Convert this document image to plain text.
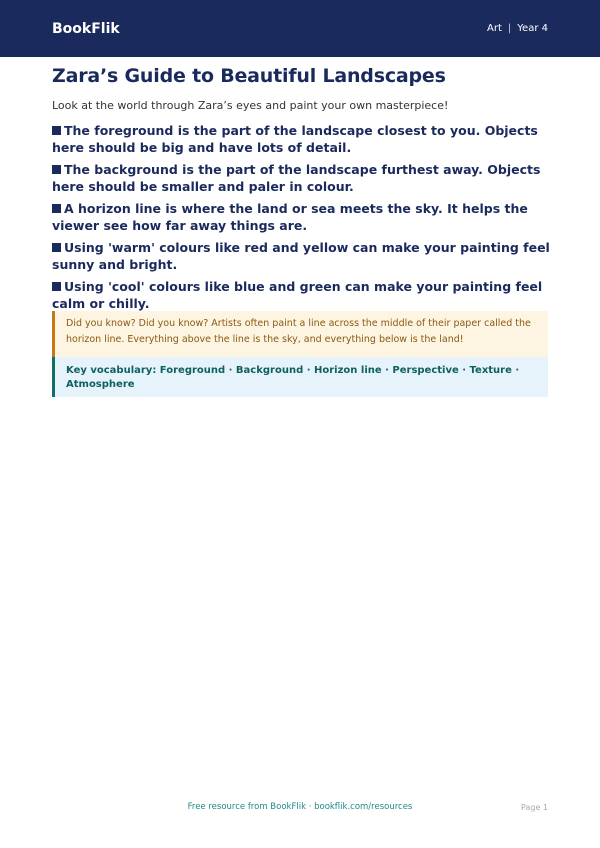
BookFlik	Art | Year 4
Zara’s Guide to Beautiful Landscapes

Look at the world through Zara’s eyes and paint your own masterpiece!

The foreground is the part of the landscape closest to you. Objects here should be big and have lots of detail.
The background is the part of the landscape furthest away. Objects here should be smaller and paler in colour.
A horizon line is where the land or sea meets the sky. It helps the viewer see how far away things are.
Using 'warm' colours like red and yellow can make your painting feel sunny and bright.
Using 'cool' colours like blue and green can make your painting feel calm or chilly.
Did you know? Did you know? Artists often paint a line across the middle of their paper called the horizon line. Everything above the line is the sky, and everything below is the land!
Key vocabulary: Foreground · Background · Horizon line · Perspective · Texture · Atmosphere
Free resource from BookFlik · bookflik.com/resources	Page 1
